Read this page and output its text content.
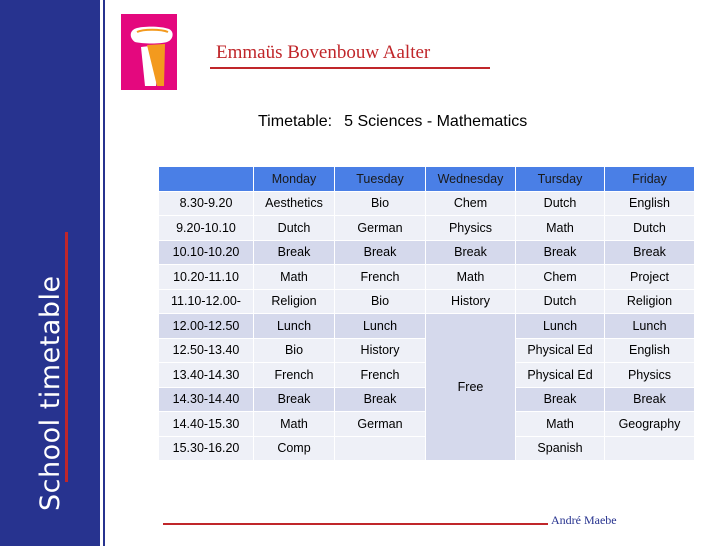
School timetable
Emmaüs Bovenbouw Aalter
Timetable: 5 Sciences - Mathematics
	Monday	Tuesday	Wednesday	Tursday	Friday
8.30-9.20	Aesthetics	Bio	Chem	Dutch	English
9.20-10.10	Dutch	German	Physics	Math	Dutch
10.10-10.20	Break	Break	Break	Break	Break
10.20-11.10	Math	French	Math	Chem	Project
11.10-12.00-	Religion	Bio	History	Dutch	Religion
12.00-12.50	Lunch	Lunch	Free	Lunch	Lunch
12.50-13.40	Bio	History		Physical Ed	English
13.40-14.30	French	French		Physical Ed	Physics
14.30-14.40	Break	Break		Break	Break
14.40-15.30	Math	German		Math	Geography
15.30-16.20	Comp			Spanish	
André Maebe
